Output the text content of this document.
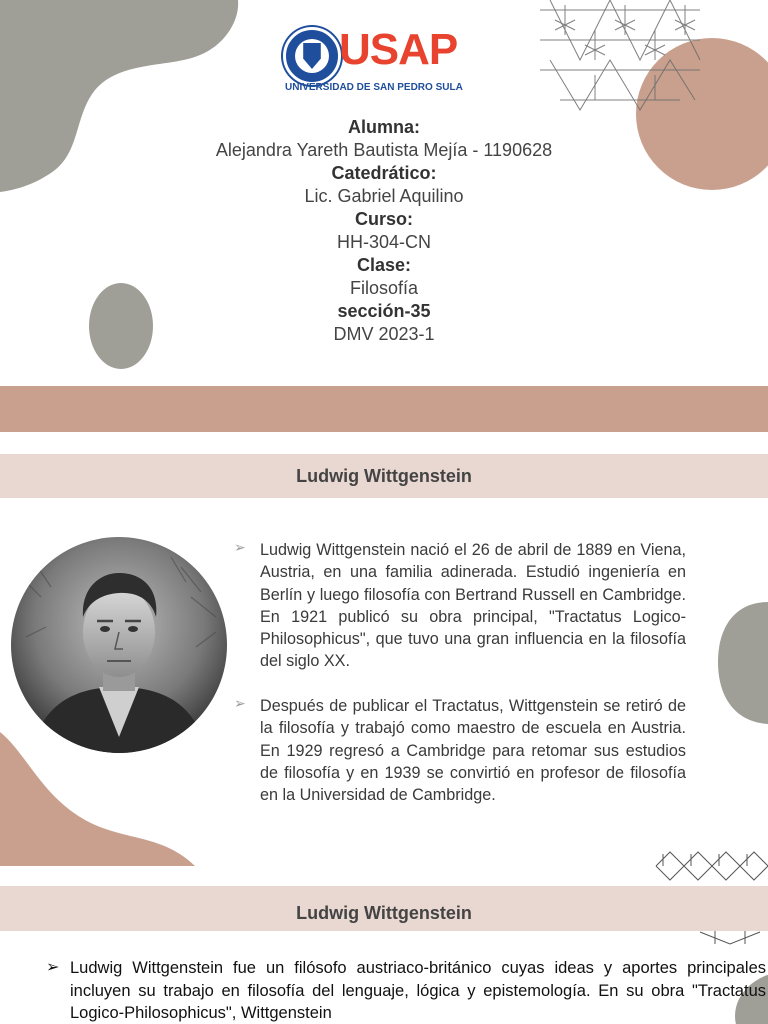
USAP
UNIVERSIDAD DE SAN PEDRO SULA
Alumna:
Alejandra Yareth Bautista Mejía - 1190628
Catedrático:
Lic. Gabriel Aquilino
Curso:
HH-304-CN
Clase:
Filosofía
sección-35
DMV 2023-1
Ludwig Wittgenstein
➢ Ludwig Wittgenstein nació el 26 de abril de 1889 en Viena, Austria, en una familia adinerada. Estudió ingeniería en Berlín y luego filosofía con Bertrand Russell en Cambridge. En 1921 publicó su obra principal, "Tractatus Logico-Philosophicus", que tuvo una gran influencia en la filosofía del siglo XX.
➢ Después de publicar el Tractatus, Wittgenstein se retiró de la filosofía y trabajó como maestro de escuela en Austria. En 1929 regresó a Cambridge para retomar sus estudios de filosofía y en 1939 se convirtió en profesor de filosofía en la Universidad de Cambridge.
Ludwig Wittgenstein
➢ Ludwig Wittgenstein fue un filósofo austriaco-británico cuyas ideas y aportes principales incluyen su trabajo en filosofía del lenguaje, lógica y epistemología. En su obra "Tractatus Logico-Philosophicus", Wittgenstein
